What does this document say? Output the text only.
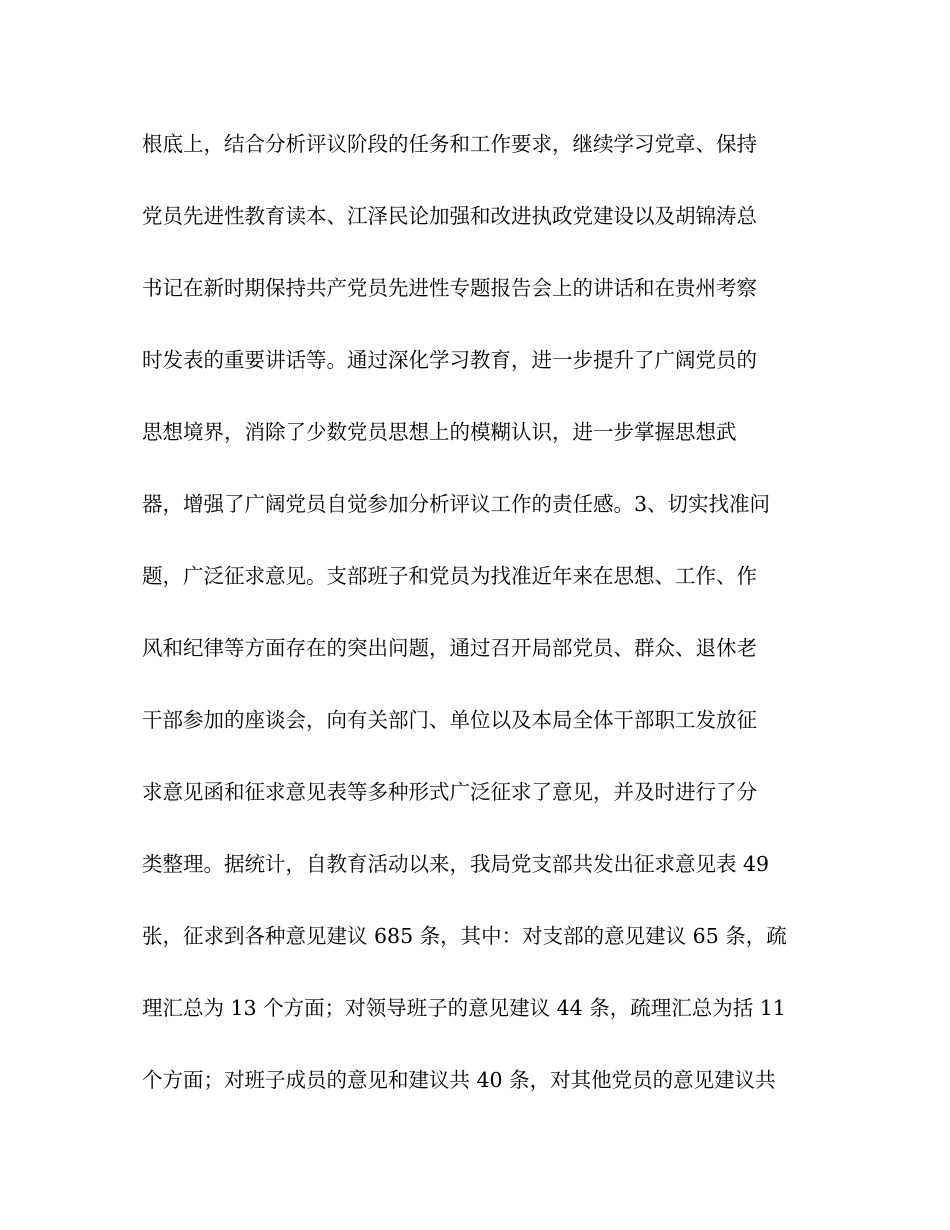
根底上，结合分析评议阶段的任务和工作要求，继续学习党章、保持
党员先进性教育读本、江泽民论加强和改进执政党建设以及胡锦涛总
书记在新时期保持共产党员先进性专题报告会上的讲话和在贵州考察
时发表的重要讲话等。通过深化学习教育，进一步提升了广阔党员的
思想境界，消除了少数党员思想上的模糊认识，进一步掌握思想武
器，增强了广阔党员自觉参加分析评议工作的责任感。3、切实找准问
题，广泛征求意见。支部班子和党员为找准近年来在思想、工作、作
风和纪律等方面存在的突出问题，通过召开局部党员、群众、退休老
干部参加的座谈会，向有关部门、单位以及本局全体干部职工发放征
求意见函和征求意见表等多种形式广泛征求了意见，并及时进行了分
类整理。据统计，自教育活动以来，我局党支部共发出征求意见表 49
张，征求到各种意见建议 685 条，其中：对支部的意见建议 65 条，疏
理汇总为 13 个方面；对领导班子的意见建议 44 条，疏理汇总为括 11
个方面；对班子成员的意见和建议共 40 条，对其他党员的意见建议共
